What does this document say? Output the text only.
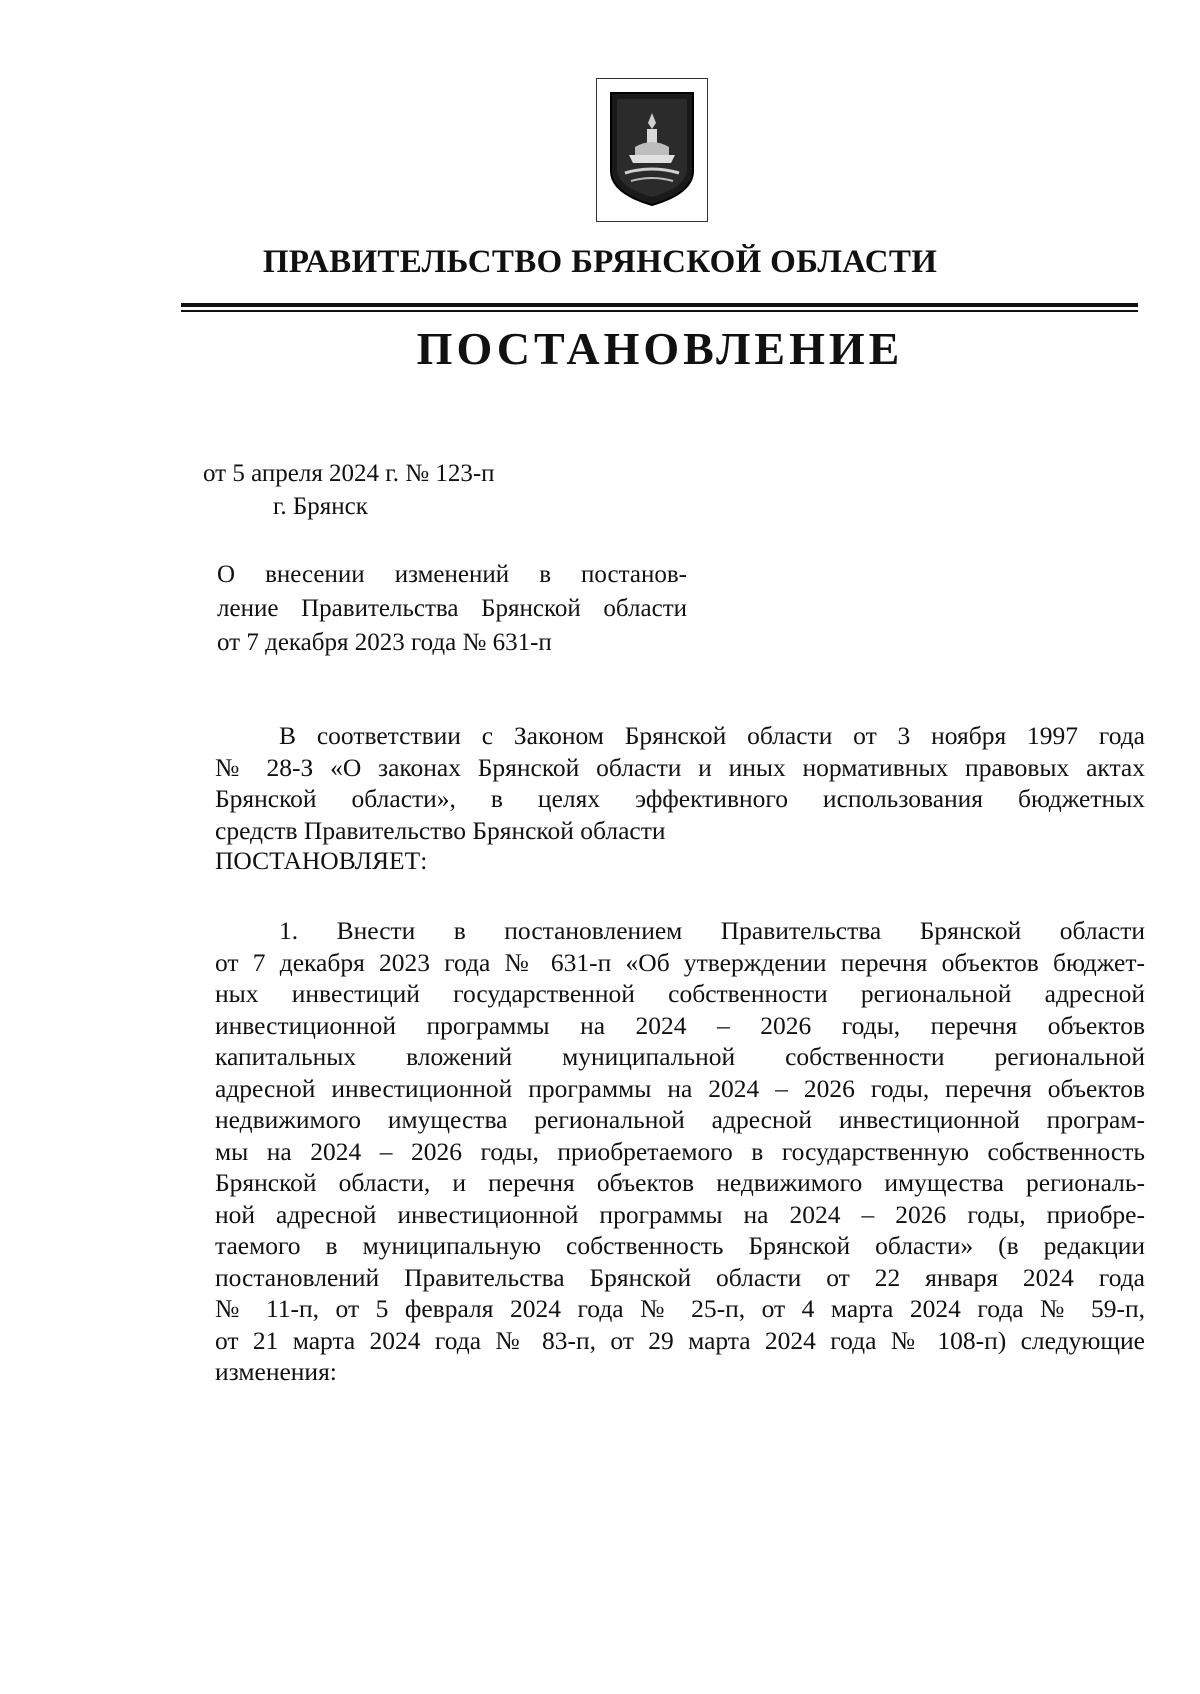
ПРАВИТЕЛЬСТВО БРЯНСКОЙ ОБЛАСТИ
ПОСТАНОВЛЕНИЕ
от 5 апреля 2024 г. № 123-п
г. Брянск
О внесении изменений в постанов-
ление Правительства Брянской области
от 7 декабря 2023 года № 631-п
В соответствии с Законом Брянской области от 3 ноября 1997 года
№ 28-З «О законах Брянской области и иных нормативных правовых актах
Брянской области», в целях эффективного использования бюджетных
средств Правительство Брянской области
ПОСТАНОВЛЯЕТ:
1. Внести в постановлением Правительства Брянской области
от 7 декабря 2023 года № 631-п «Об утверждении перечня объектов бюджет-
ных инвестиций государственной собственности региональной адресной
инвестиционной программы на 2024 – 2026 годы, перечня объектов
капитальных вложений муниципальной собственности региональной
адресной инвестиционной программы на 2024 – 2026 годы, перечня объектов
недвижимого имущества региональной адресной инвестиционной програм-
мы на 2024 – 2026 годы, приобретаемого в государственную собственность
Брянской области, и перечня объектов недвижимого имущества региональ-
ной адресной инвестиционной программы на 2024 – 2026 годы, приобре-
таемого в муниципальную собственность Брянской области» (в редакции
постановлений Правительства Брянской области от 22 января 2024 года
№ 11-п, от 5 февраля 2024 года № 25-п, от 4 марта 2024 года № 59-п,
от 21 марта 2024 года № 83-п, от 29 марта 2024 года № 108-п) следующие
изменения:
